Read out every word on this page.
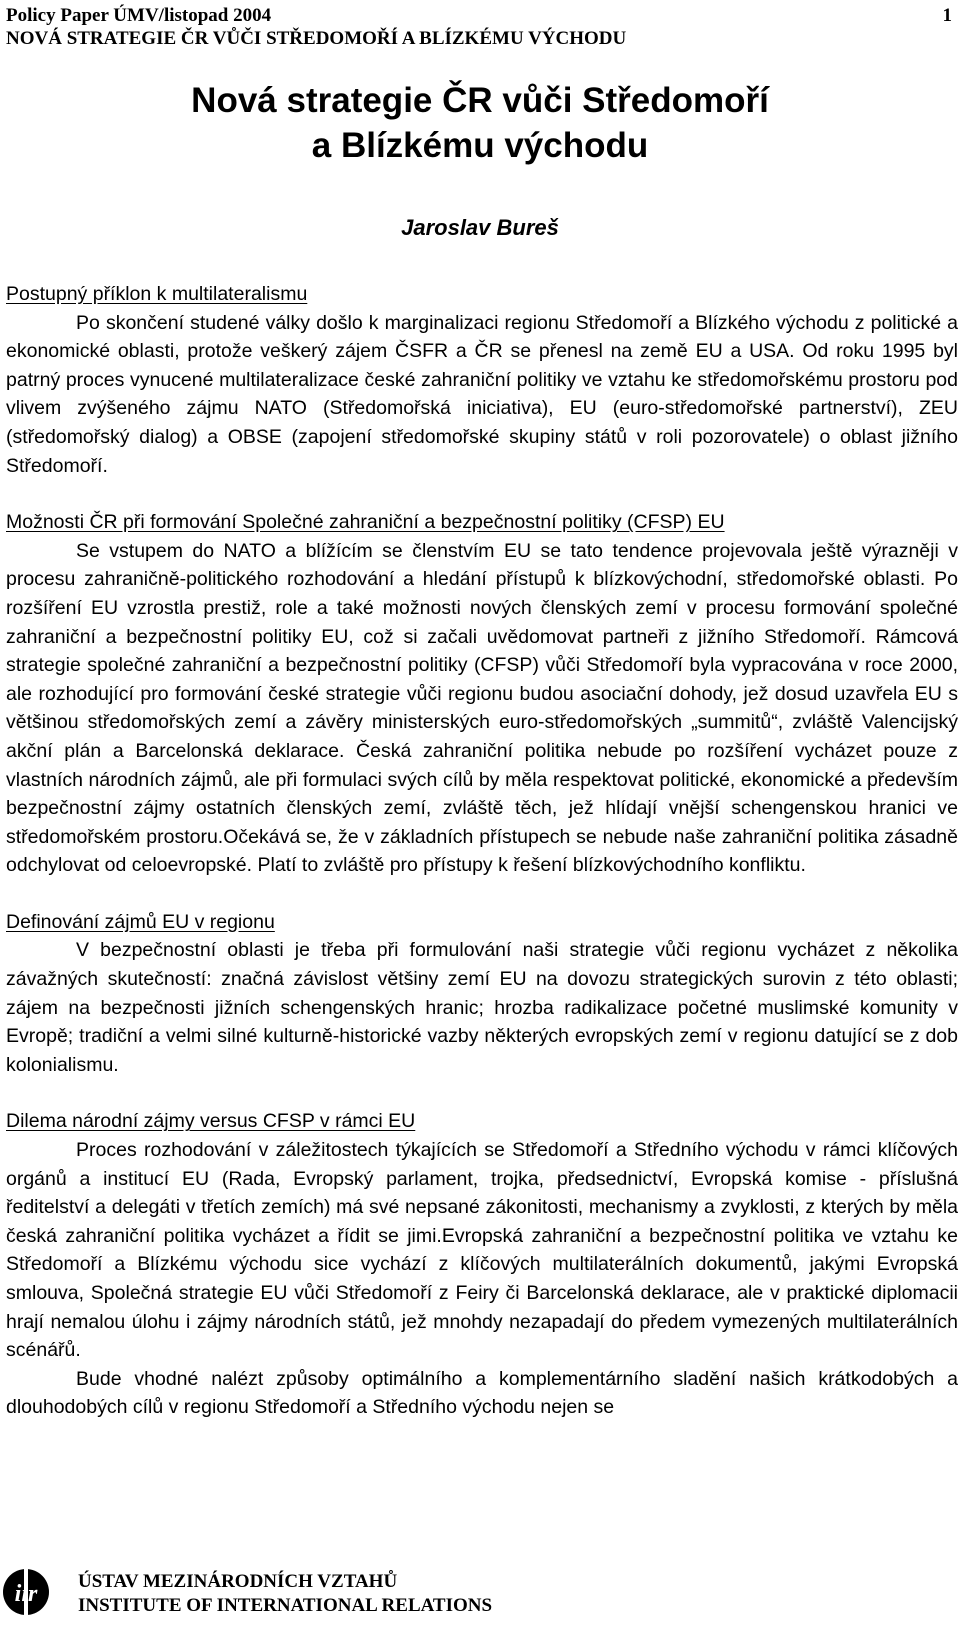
Policy Paper ÚMV/listopad 2004
NOVÁ STRATEGIE ČR VŮČI STŘEDOMOŘÍ A BLÍZKÉMU VÝCHODU
1
Nová strategie ČR vůči Středomoří
a Blízkému východu
Jaroslav Bureš
Postupný příklon k multilateralismu

Po skončení studené války došlo k marginalizaci regionu Středomoří a Blízkého východu z politické a ekonomické oblasti, protože veškerý zájem ČSFR a ČR se přenesl na země EU a USA. Od roku 1995 byl patrný proces vynucené multilateralizace české zahraniční politiky ve vztahu ke středomořskému prostoru pod vlivem zvýšeného zájmu NATO (Středomořská iniciativa), EU (euro-středomořské partnerství), ZEU (středomořský dialog) a OBSE (zapojení středomořské skupiny států v roli pozorovatele) o oblast jižního Středomoří.

Možnosti ČR při formování Společné zahraniční a bezpečnostní politiky (CFSP) EU

Se vstupem do NATO a blížícím se členstvím EU se tato tendence projevovala ještě výrazněji v procesu zahraničně-politického rozhodování a hledání přístupů k blízkovýchodní, středomořské oblasti. Po rozšíření EU vzrostla prestiž, role a také možnosti nových členských zemí v procesu formování společné zahraniční a bezpečnostní politiky EU, což si začali uvědomovat partneři z jižního Středomoří. Rámcová strategie společné zahraniční a bezpečnostní politiky (CFSP) vůči Středomoří byla vypracována v roce 2000, ale rozhodující pro formování české strategie vůči regionu budou asociační dohody, jež dosud uzavřela EU s většinou středomořských zemí a závěry ministerských euro-středomořských „summitů“, zvláště Valencijský akční plán a Barcelonská deklarace. Česká zahraniční politika nebude po rozšíření vycházet pouze z vlastních národních zájmů, ale při formulaci svých cílů by měla respektovat politické, ekonomické a především bezpečnostní zájmy ostatních členských zemí, zvláště těch, jež hlídají vnější schengenskou hranici ve středomořském prostoru.Očekává se, že v základních přístupech se nebude naše zahraniční politika zásadně odchylovat od celoevropské. Platí to zvláště pro přístupy k řešení blízkovýchodního konfliktu.

Definování zájmů EU v regionu

V bezpečnostní oblasti je třeba při formulování naši strategie vůči regionu vycházet z několika závažných skutečností: značná závislost většiny zemí EU na dovozu strategických surovin z této oblasti; zájem na bezpečnosti jižních schengenských hranic; hrozba radikalizace početné muslimské komunity v Evropě; tradiční a velmi silné kulturně-historické vazby některých evropských zemí v regionu datující se z dob kolonialismu.

Dilema národní zájmy versus CFSP v rámci EU

Proces rozhodování v záležitostech týkajících se Středomoří a Středního východu v rámci klíčových orgánů a institucí EU (Rada, Evropský parlament, trojka, předsednictví, Evropská komise - příslušná ředitelství a delegáti v třetích zemích) má své nepsané zákonitosti, mechanismy a zvyklosti, z kterých by měla česká zahraniční politika vycházet a řídit se jimi.Evropská zahraniční a bezpečnostní politika ve vztahu ke Středomoří a Blízkému východu sice vychází z klíčových multilaterálních dokumentů, jakými Evropská smlouva, Společná strategie EU vůči Středomoří z Feiry či Barcelonská deklarace, ale v praktické diplomacii hrají nemalou úlohu i zájmy národních států, jež mnohdy nezapadají do předem vymezených multilaterálních scénářů.

Bude vhodné nalézt způsoby optimálního a komplementárního sladění našich krátkodobých a dlouhodobých cílů v regionu Středomoří a Středního východu nejen se

iir ÚSTAV MEZINÁRODNÍCH VZTAHŮ
INSTITUTE OF INTERNATIONAL RELATIONS
